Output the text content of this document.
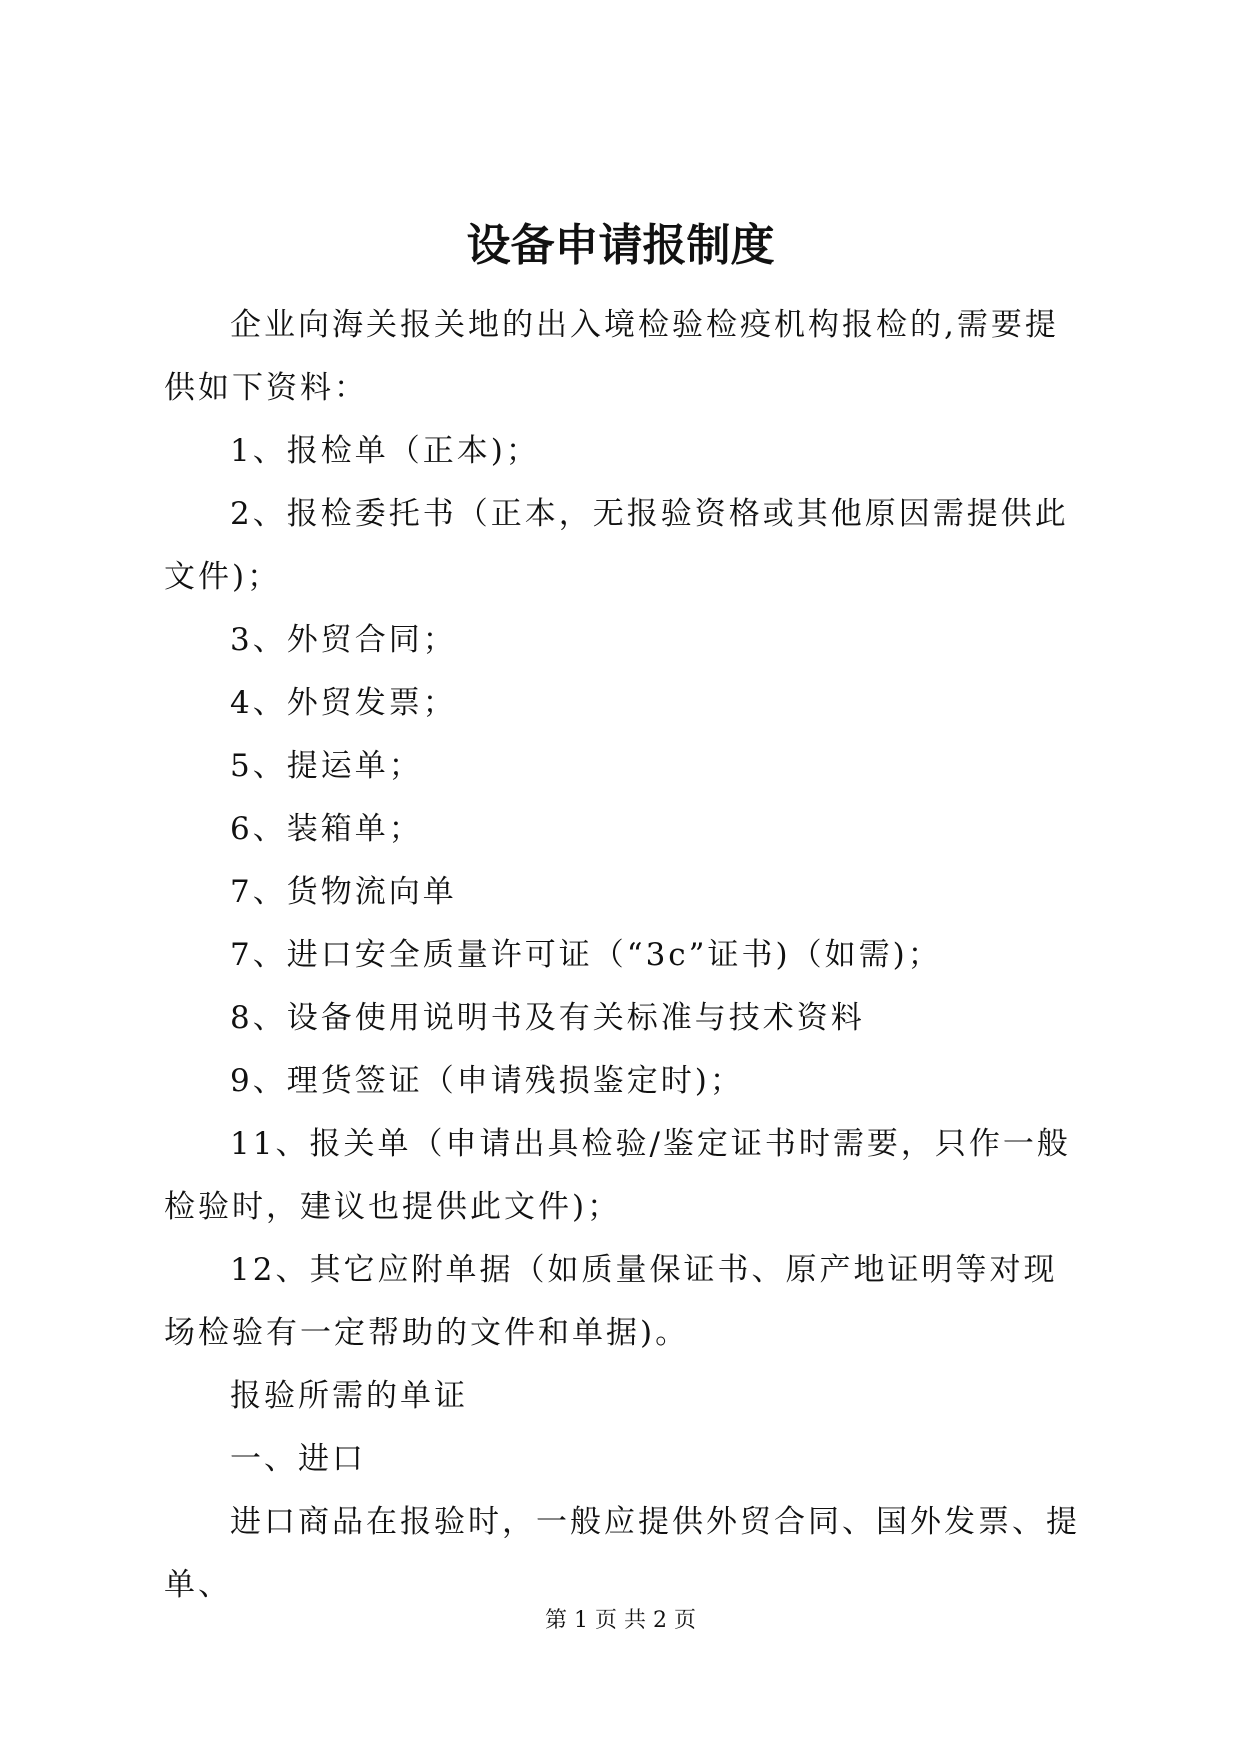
设备申请报制度

企业向海关报关地的出入境检验检疫机构报检的,需要提供如下资料：

1、报检单（正本)；

2、报检委托书（正本，无报验资格或其他原因需提供此文件)；

3、外贸合同；

4、外贸发票；

5、提运单；

6、装箱单；

7、货物流向单

7、进口安全质量许可证（“3c”证书)（如需)；

8、设备使用说明书及有关标准与技术资料

9、理货签证（申请残损鉴定时)；

11、报关单（申请出具检验/鉴定证书时需要，只作一般检验时，建议也提供此文件)；

12、其它应附单据（如质量保证书、原产地证明等对现场检验有一定帮助的文件和单据)。

报验所需的单证

一、进口

进口商品在报验时，一般应提供外贸合同、国外发票、提单、

第 1 页 共 2 页
